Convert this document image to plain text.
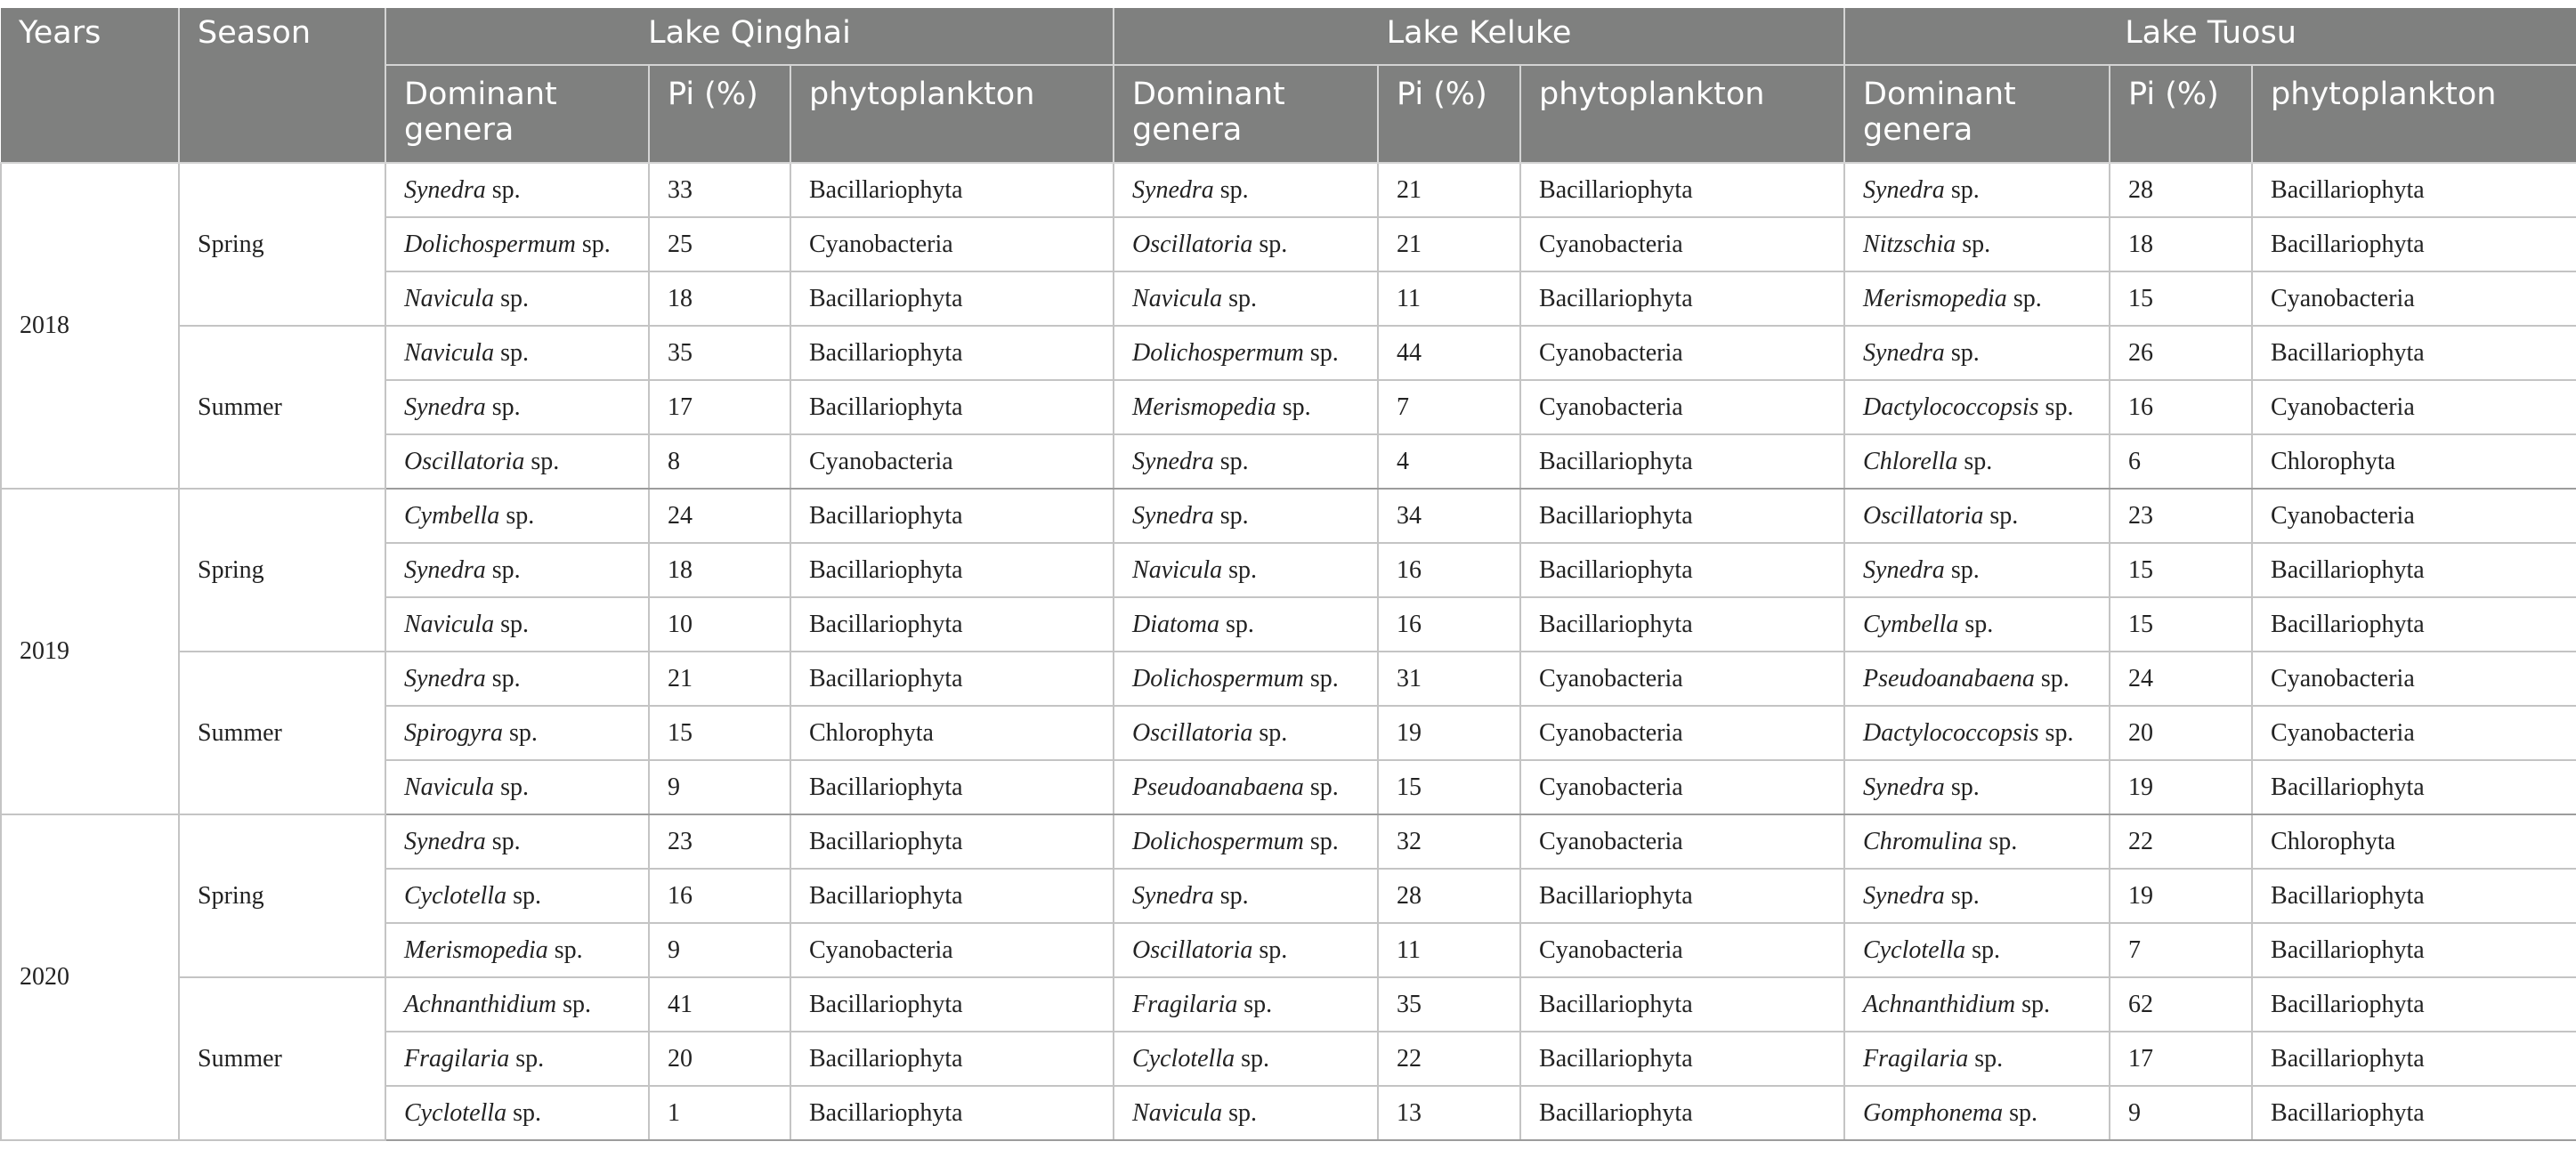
Years	Season	Lake Qinghai			Lake Keluke			Lake Tuosu		
		Dominant genera	Pi (%)	phytoplankton	Dominant genera	Pi (%)	phytoplankton	Dominant genera	Pi (%)	phytoplankton
2018	Spring	Synedra sp.	33	Bacillariophyta	Synedra sp.	21	Bacillariophyta	Synedra sp.	28	Bacillariophyta
		Dolichospermum sp.	25	Cyanobacteria	Oscillatoria sp.	21	Cyanobacteria	Nitzschia sp.	18	Bacillariophyta
		Navicula sp.	18	Bacillariophyta	Navicula sp.	11	Bacillariophyta	Merismopedia sp.	15	Cyanobacteria
	Summer	Navicula sp.	35	Bacillariophyta	Dolichospermum sp.	44	Cyanobacteria	Synedra sp.	26	Bacillariophyta
		Synedra sp.	17	Bacillariophyta	Merismopedia sp.	7	Cyanobacteria	Dactylococcopsis sp.	16	Cyanobacteria
		Oscillatoria sp.	8	Cyanobacteria	Synedra sp.	4	Bacillariophyta	Chlorella sp.	6	Chlorophyta
2019	Spring	Cymbella sp.	24	Bacillariophyta	Synedra sp.	34	Bacillariophyta	Oscillatoria sp.	23	Cyanobacteria
		Synedra sp.	18	Bacillariophyta	Navicula sp.	16	Bacillariophyta	Synedra sp.	15	Bacillariophyta
		Navicula sp.	10	Bacillariophyta	Diatoma sp.	16	Bacillariophyta	Cymbella sp.	15	Bacillariophyta
	Summer	Synedra sp.	21	Bacillariophyta	Dolichospermum sp.	31	Cyanobacteria	Pseudoanabaena sp.	24	Cyanobacteria
		Spirogyra sp.	15	Chlorophyta	Oscillatoria sp.	19	Cyanobacteria	Dactylococcopsis sp.	20	Cyanobacteria
		Navicula sp.	9	Bacillariophyta	Pseudoanabaena sp.	15	Cyanobacteria	Synedra sp.	19	Bacillariophyta
2020	Spring	Synedra sp.	23	Bacillariophyta	Dolichospermum sp.	32	Cyanobacteria	Chromulina sp.	22	Chlorophyta
		Cyclotella sp.	16	Bacillariophyta	Synedra sp.	28	Bacillariophyta	Synedra sp.	19	Bacillariophyta
		Merismopedia sp.	9	Cyanobacteria	Oscillatoria sp.	11	Cyanobacteria	Cyclotella sp.	7	Bacillariophyta
	Summer	Achnanthidium sp.	41	Bacillariophyta	Fragilaria sp.	35	Bacillariophyta	Achnanthidium sp.	62	Bacillariophyta
		Fragilaria sp.	20	Bacillariophyta	Cyclotella sp.	22	Bacillariophyta	Fragilaria sp.	17	Bacillariophyta
		Cyclotella sp.	1	Bacillariophyta	Navicula sp.	13	Bacillariophyta	Gomphonema sp.	9	Bacillariophyta
